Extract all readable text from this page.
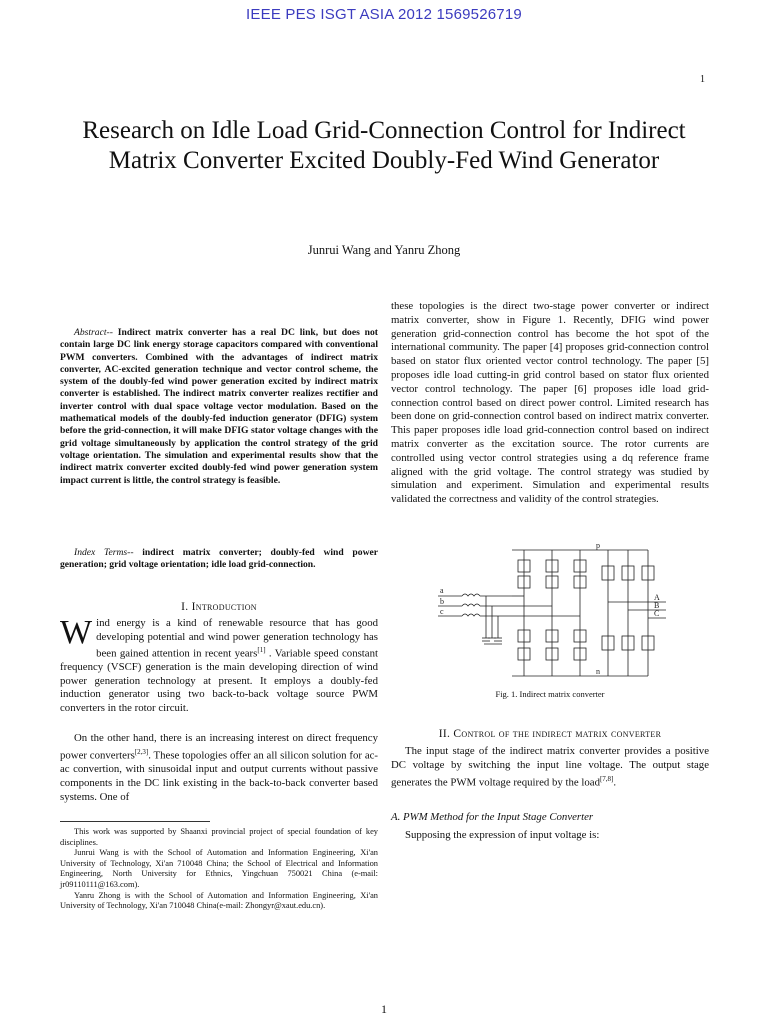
IEEE PES ISGT ASIA 2012 1569526719
1
Research on Idle Load Grid-Connection Control for Indirect Matrix Converter Excited Doubly-Fed Wind Generator
Junrui Wang and Yanru Zhong
Abstract-- Indirect matrix converter has a real DC link, but does not contain large DC link energy storage capacitors compared with conventional PWM converters. Combined with the advantages of indirect matrix converter, AC-excited generation technique and vector control scheme, the system of the doubly-fed wind power generation excited by indirect matrix converter is established. The indirect matrix converter realizes rectifier and inverter control with dual space voltage vector modulation. Based on the mathematical models of the doubly-fed induction generator (DFIG) system before the grid-connection, it will make DFIG stator voltage changes with the grid voltage simultaneously by application the control strategy of the grid voltage orientation. The simulation and experimental results show that the indirect matrix converter excited doubly-fed wind power generation system impact current is little, the control strategy is feasible.
Index Terms-- indirect matrix converter; doubly-fed wind power generation; grid voltage orientation; idle load grid-connection.
I. Introduction
Wind energy is a kind of renewable resource that has good developing potential and wind power generation technology has been gained attention in recent years[1] . Variable speed constant frequency (VSCF) generation is the main developing direction of wind power generation technology at present. It employs a doubly-fed induction generator using two back-to-back voltage source PWM converters in the rotor circuit.
On the other hand, there is an increasing interest on direct frequency power converters[2,3]. These topologies offer an all silicon solution for ac-ac convertion, with sinusoidal input and output currents without passive components in the DC link existing in the back-to-back converter based systems. One of
This work was supported by Shaanxi provincial project of special foundation of key disciplines.
Junrui Wang is with the School of Automation and Information Engineering, Xi'an University of Technology, Xi'an 710048 China; the School of Electrical and Information Engineering, North University for Ethnics, Yingchuan 750021 China (e-mail: jr09110111@163.com).
Yanru Zhong is with the School of Automation and Information Engineering, Xi'an University of Technology, Xi'an 710048 China(e-mail: Zhongyr@xaut.edu.cn).
these topologies is the direct two-stage power converter or indirect matrix converter, show in Figure 1. Recently, DFIG wind power generation grid-connection control has become the hot spot of the international community. The paper [4] proposes grid-connection control based on stator flux oriented vector control technology. The paper [5] proposes idle load cutting-in grid control based on stator flux oriented vector control technology. The paper [6] proposes idle load grid-connection control based on direct power control. Limited research has been done on grid-connection control based on indirect matrix converter. This paper proposes idle load grid-connection control based on indirect matrix converter as the excitation source. The rotor currents are controlled using vector control strategies using a dq reference frame aligned with the grid voltage. The control strategy was studied by simulation and experiment. Simulation and experimental results validated the correctness and validity of the control strategies.
a
b
c
p
n
A
B
C
Fig. 1. Indirect matrix converter
II. Control of the indirect matrix converter
The input stage of the indirect matrix converter provides a positive DC voltage by switching the input line voltage. The output stage generates the PWM voltage required by the load[7,8].
A. PWM Method for the Input Stage Converter
Supposing the expression of input voltage is:
1
